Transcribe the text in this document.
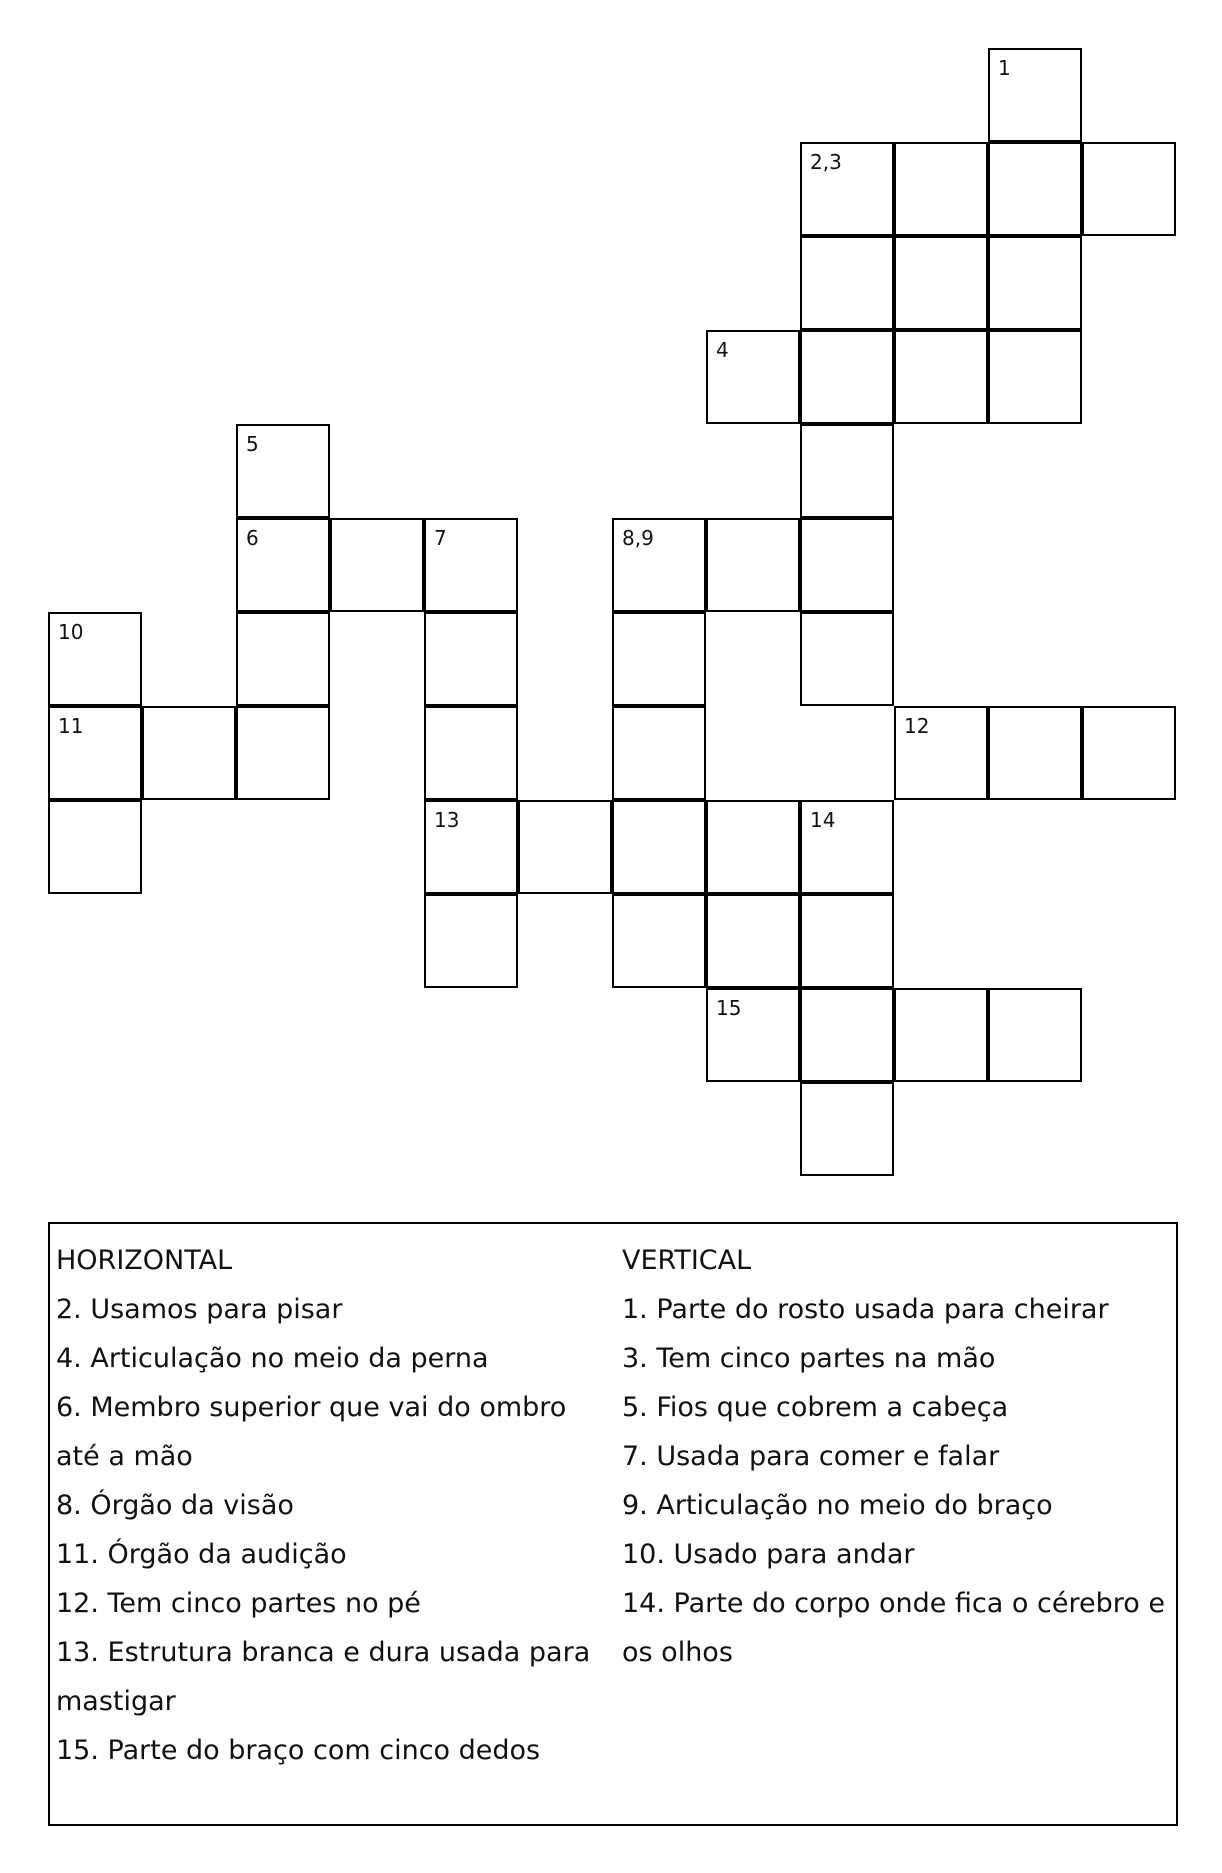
1
2,3
4
5
6	7	8,9
10
11	12
13	14
15
HORIZONTAL
2. Usamos para pisar
4. Articulação no meio da perna
6. Membro superior que vai do ombro
até a mão
8. Órgão da visão
11. Órgão da audição
12. Tem cinco partes no pé
13. Estrutura branca e dura usada para
mastigar
15. Parte do braço com cinco dedos
VERTICAL
1. Parte do rosto usada para cheirar
3. Tem cinco partes na mão
5. Fios que cobrem a cabeça
7. Usada para comer e falar
9. Articulação no meio do braço
10. Usado para andar
14. Parte do corpo onde fica o cérebro e
os olhos
